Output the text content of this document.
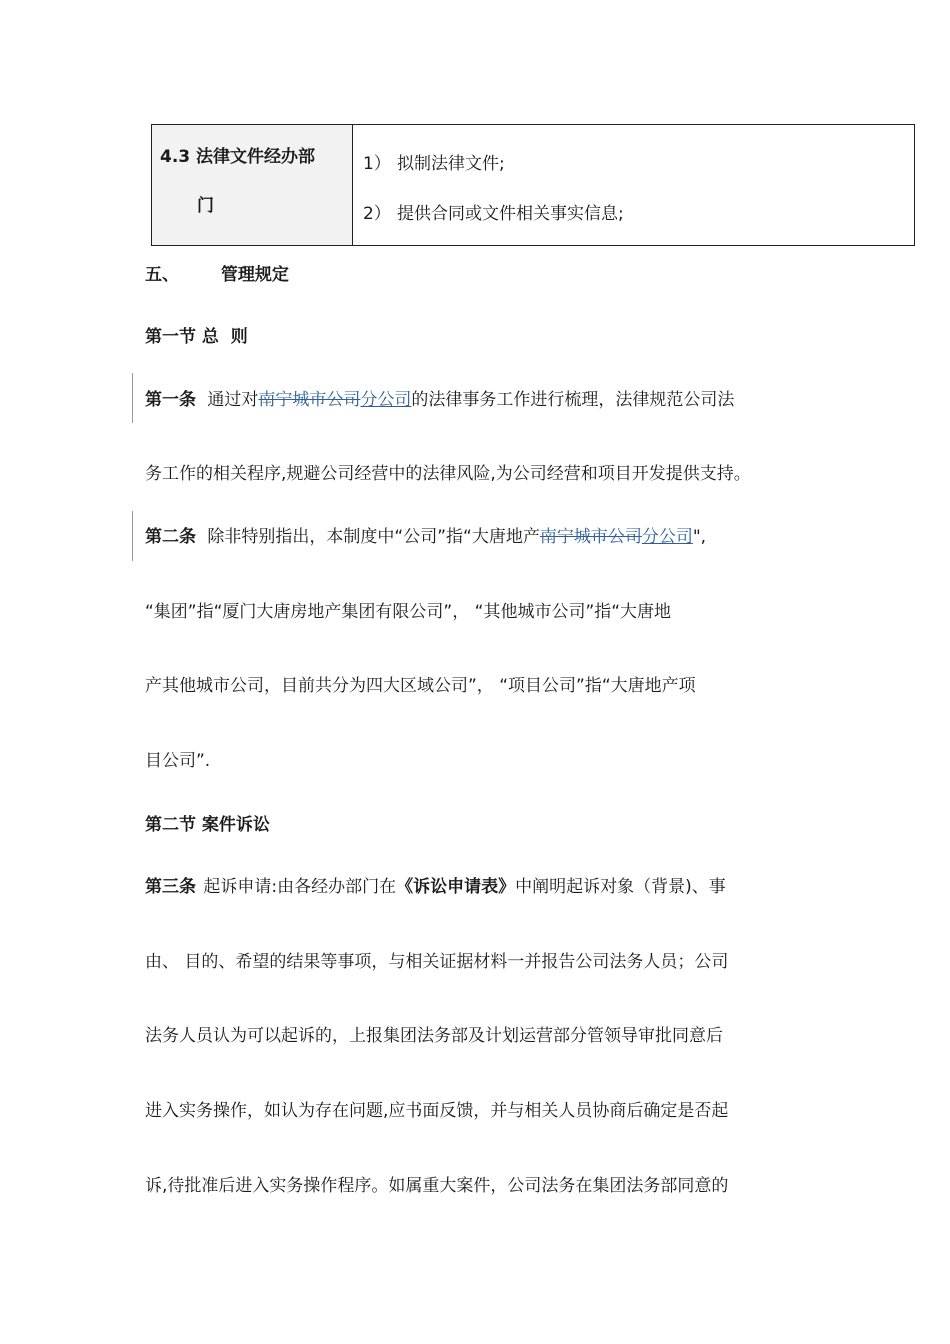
4.3 法律文件经办部
门
1） 拟制法律文件;
2） 提供合同或文件相关事实信息;
五、 管理规定
第一节 总  则
第一条 通过对南宁城市公司分公司的法律事务工作进行梳理，法律规范公司法
务工作的相关程序,规避公司经营中的法律风险,为公司经营和项目开发提供支持。
第二条 除非特别指出，本制度中“公司”指“大唐地产南宁城市公司分公司",
“集团”指“厦门大唐房地产集团有限公司”， “其他城市公司”指“大唐地
产其他城市公司，目前共分为四大区域公司”， “项目公司”指“大唐地产项
目公司”.
第二节 案件诉讼
第三条 起诉申请:由各经办部门在《诉讼申请表》中阐明起诉对象（背景)、事
由、 目的、希望的结果等事项，与相关证据材料一并报告公司法务人员；公司
法务人员认为可以起诉的，上报集团法务部及计划运营部分管领导审批同意后
进入实务操作，如认为存在问题,应书面反馈，并与相关人员协商后确定是否起
诉,待批准后进入实务操作程序。如属重大案件，公司法务在集团法务部同意的
